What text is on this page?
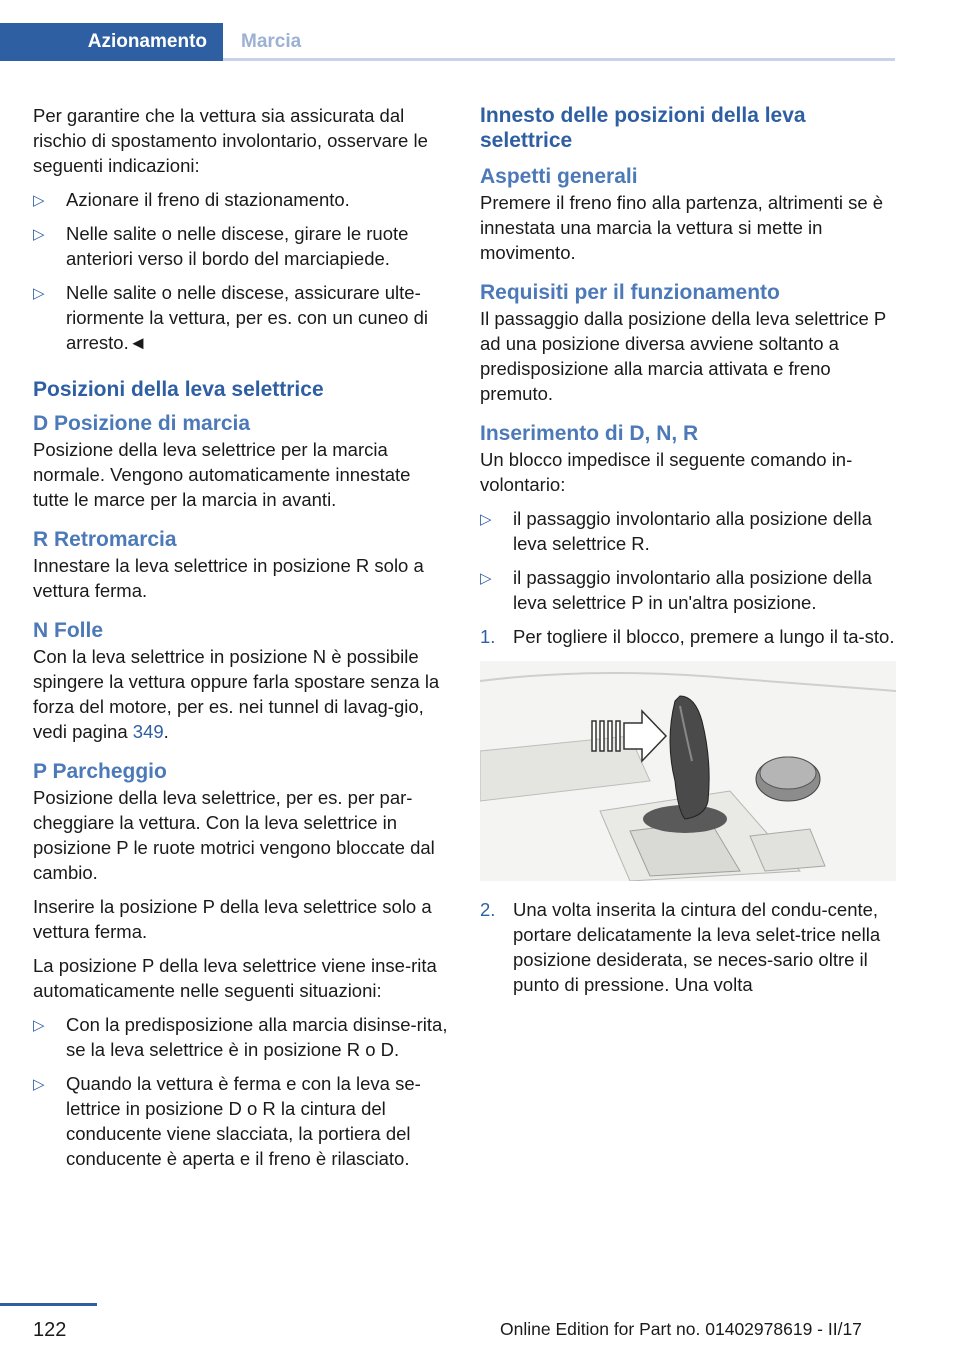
Azionamento	Marcia

Per garantire che la vettura sia assicurata dal rischio di spostamento involontario, osservare le seguenti indicazioni:

▷ Azionare il freno di stazionamento.
▷ Nelle salite o nelle discese, girare le ruote anteriori verso il bordo del marciapiede.
▷ Nelle salite o nelle discese, assicurare ulte‐riormente la vettura, per es. con un cuneo di arresto.◄
Posizioni della leva selettrice
D Posizione di marcia

Posizione della leva selettrice per la marcia normale. Vengono automaticamente innestate tutte le marce per la marcia in avanti.

R Retromarcia

Innestare la leva selettrice in posizione R solo a vettura ferma.

N Folle

Con la leva selettrice in posizione N è possibile spingere la vettura oppure farla spostare senza la forza del motore, per es. nei tunnel di lavag‐gio, vedi pagina 349.

P Parcheggio

Posizione della leva selettrice, per es. per par‐cheggiare la vettura. Con la leva selettrice in posizione P le ruote motrici vengono bloccate dal cambio.

Inserire la posizione P della leva selettrice solo a vettura ferma.

La posizione P della leva selettrice viene inse‐rita automaticamente nelle seguenti situazioni:

▷ Con la predisposizione alla marcia disinse‐rita, se la leva selettrice è in posizione R o D.
▷ Quando la vettura è ferma e con la leva se‐lettrice in posizione D o R la cintura del conducente viene slacciata, la portiera del conducente è aperta e il freno è rilasciato.
Innesto delle posizioni della leva selettrice
Aspetti generali

Premere il freno fino alla partenza, altrimenti se è innestata una marcia la vettura si mette in movimento.

Requisiti per il funzionamento

Il passaggio dalla posizione della leva selettrice P ad una posizione diversa avviene soltanto a predisposizione alla marcia attivata e freno premuto.

Inserimento di D, N, R

Un blocco impedisce il seguente comando in‐volontario:

▷ il passaggio involontario alla posizione della leva selettrice R.
▷ il passaggio involontario alla posizione della leva selettrice P in un'altra posizione.
1. Per togliere il blocco, premere a lungo il ta‐sto.
2. Una volta inserita la cintura del condu‐cente, portare delicatamente la leva selet‐trice nella posizione desiderata, se neces‐sario oltre il punto di pressione. Una volta
122	Online Edition for Part no. 01402978619 - II/17
